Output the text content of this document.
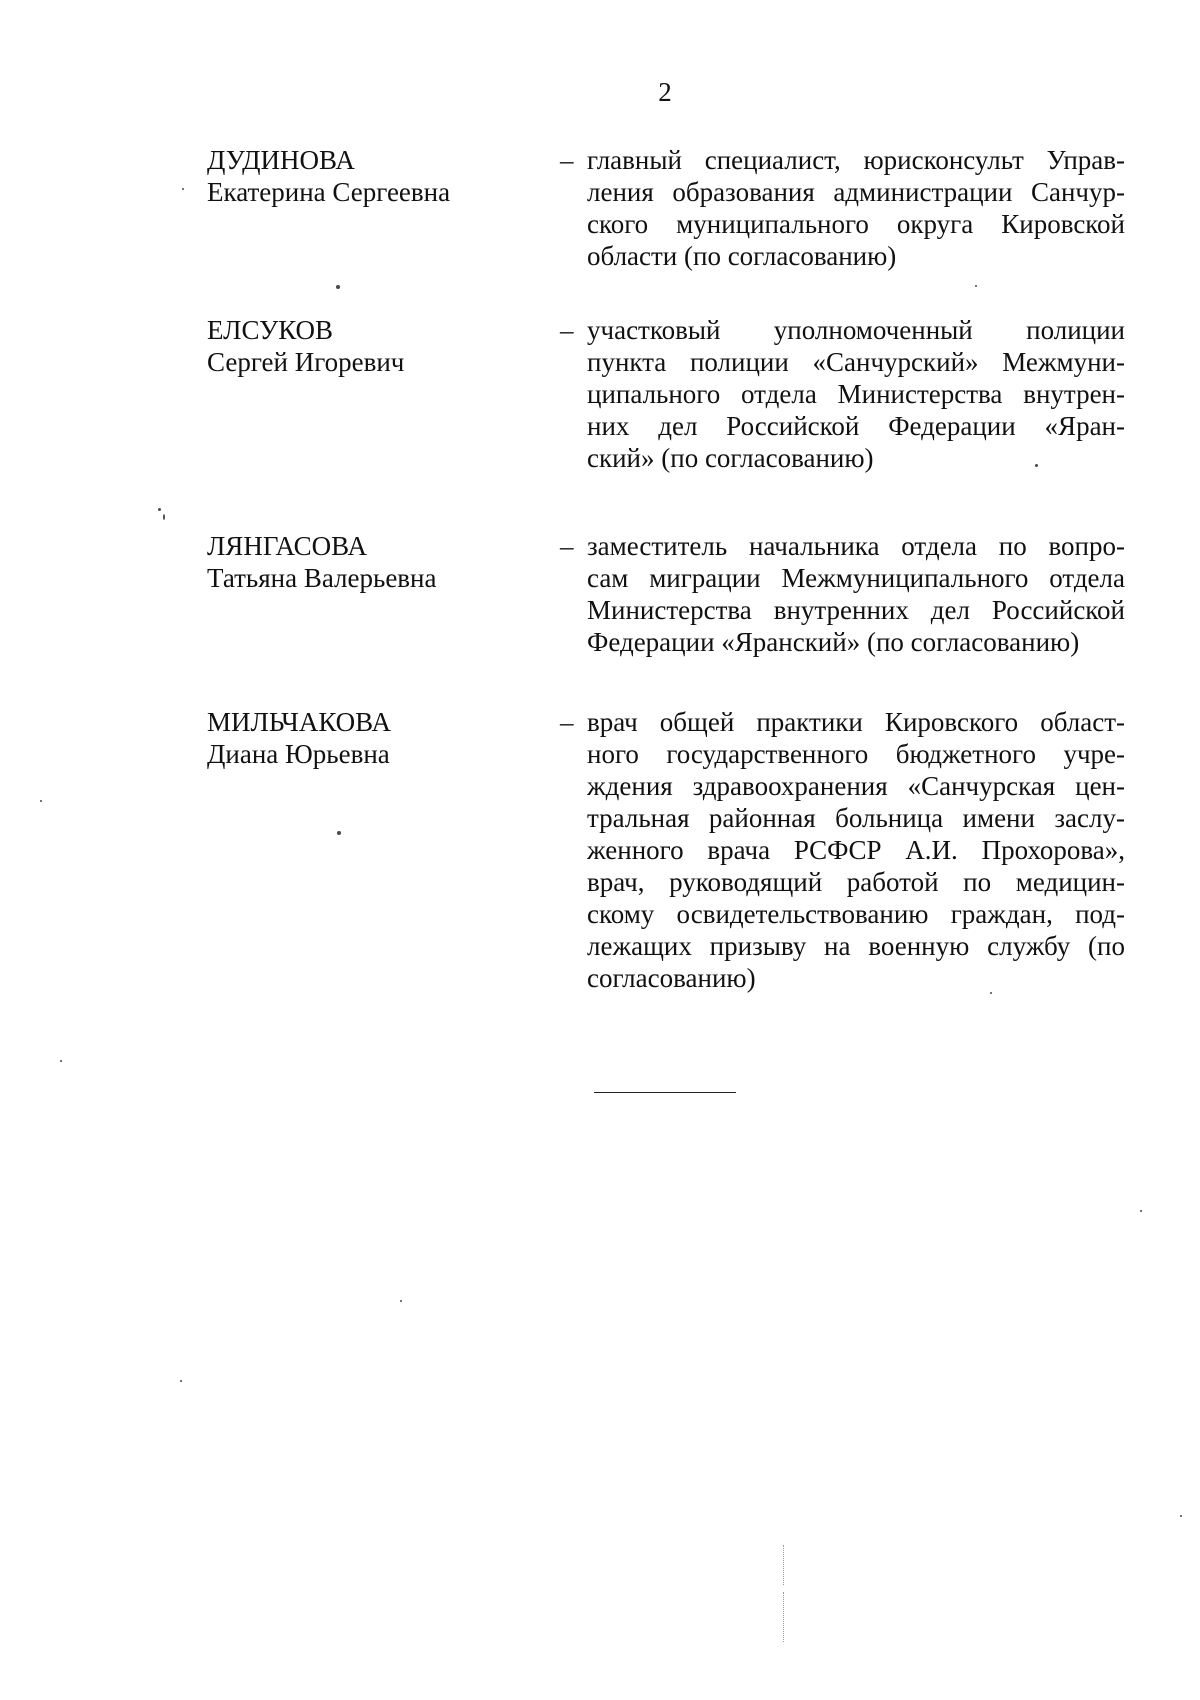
2
ДУДИНОВА
Екатерина Сергеевна
– главный специалист, юрисконсульт Управ-
ления образования администрации Санчур-
ского муниципального округа Кировской
области (по согласованию)
ЕЛСУКОВ
Сергей Игоревич
– участковый уполномоченный полиции
пункта полиции «Санчурский» Межмуни-
ципального отдела Министерства внутрен-
них дел Российской Федерации «Яран-
ский» (по согласованию)
ЛЯНГАСОВА
Татьяна Валерьевна
– заместитель начальника отдела по вопро-
сам миграции Межмуниципального отдела
Министерства внутренних дел Российской
Федерации «Яранский» (по согласованию)
МИЛЬЧАКОВА
Диана Юрьевна
– врач общей практики Кировского област-
ного государственного бюджетного учре-
ждения здравоохранения «Санчурская цен-
тральная районная больница имени заслу-
женного врача РСФСР А.И. Прохорова»,
врач, руководящий работой по медицин-
скому освидетельствованию граждан, под-
лежащих призыву на военную службу (по
согласованию)
